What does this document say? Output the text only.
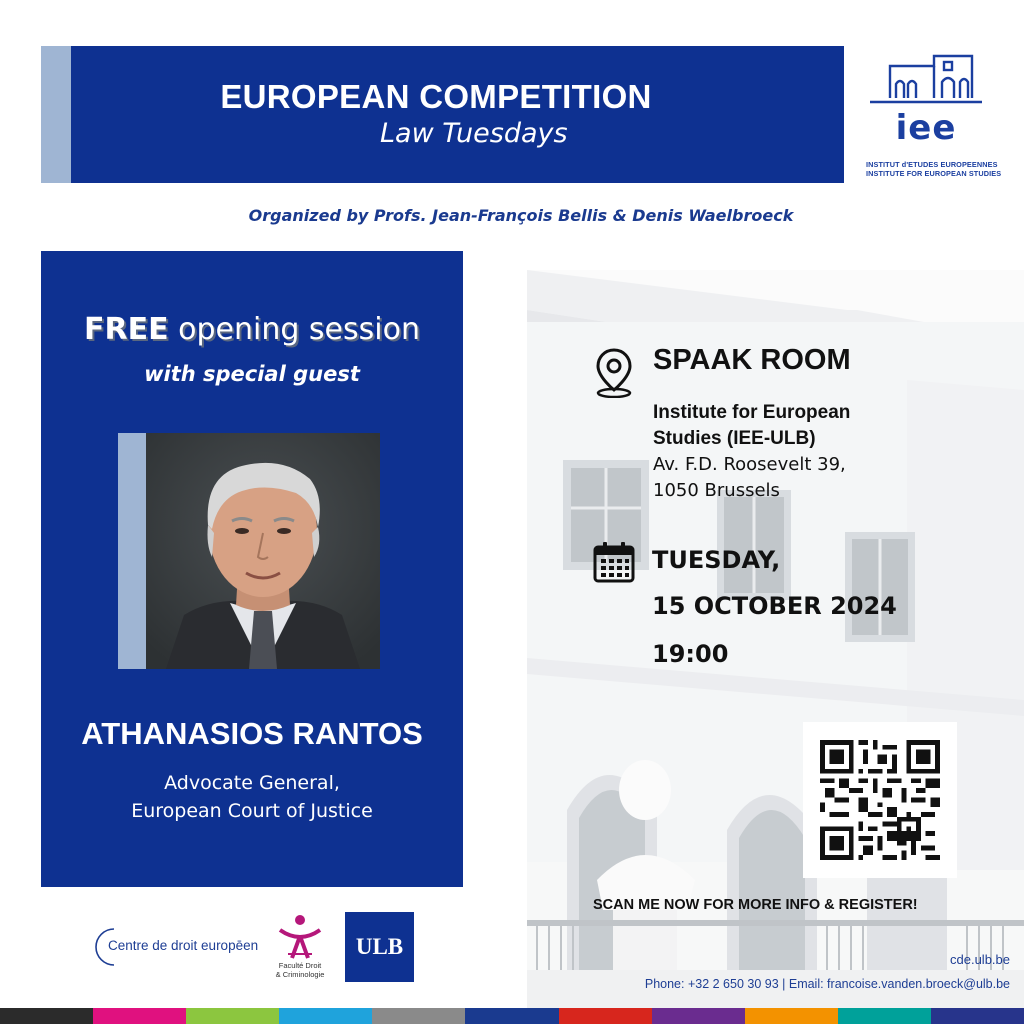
EUROPEAN COMPETITION
Law Tuesdays	iee
INSTITUT d'ETUDES EUROPEENNES
INSTITUTE FOR EUROPEAN STUDIES
Organized by Profs. Jean-François Bellis & Denis Waelbroeck
FREE opening session
with special guest
ATHANASIOS RANTOS
Advocate General,
European Court of Justice
SPAAK ROOM
Institute for European
Studies (IEE-ULB)
Av. F.D. Roosevelt 39,
1050 Brussels
TUESDAY,
15 OCTOBER 2024
19:00
SCAN ME NOW FOR MORE INFO & REGISTER!
cde.ulb.be
Phone: +32 2 650 30 93 | Email: francoise.vanden.broeck@ulb.be
Centre de droit europēen
Faculté Droit
& Criminologie
ULB
